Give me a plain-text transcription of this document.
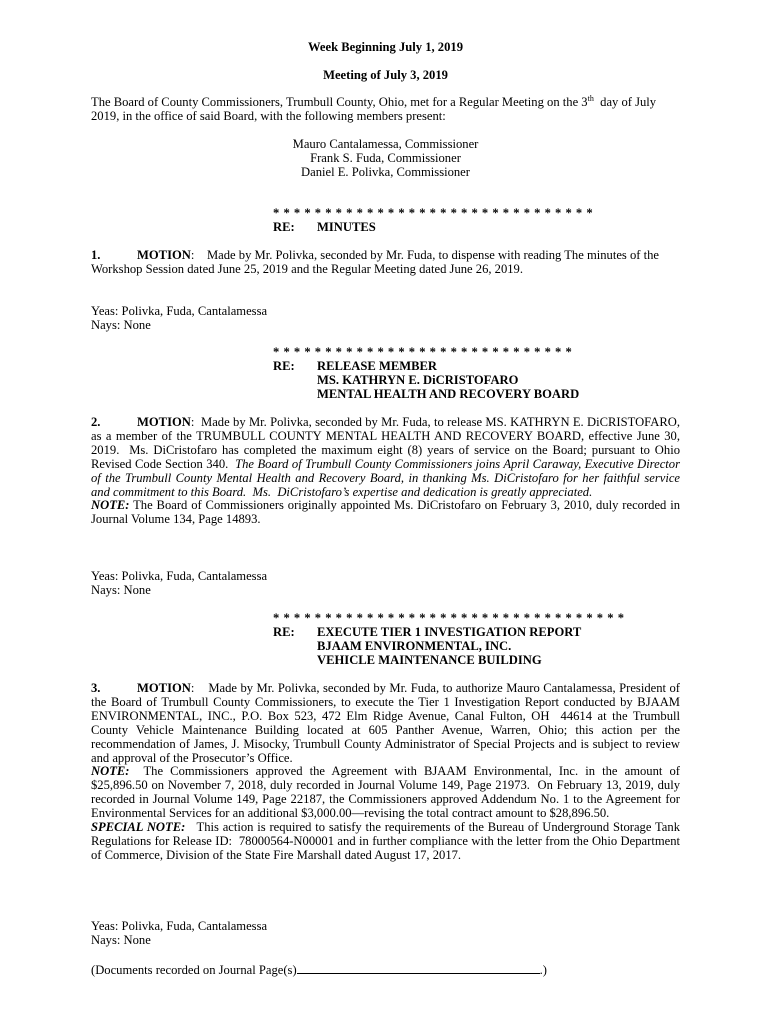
Week Beginning July 1, 2019
Meeting of July 3, 2019
The Board of County Commissioners, Trumbull County, Ohio, met for a Regular Meeting on the 3th  day of July 2019, in the office of said Board, with the following members present:
Mauro Cantalamessa, Commissioner
Frank S. Fuda, Commissioner
Daniel E. Polivka, Commissioner
* * * * * * * * * * * * * * * * * * * * * * * * * * * * * * *
RE: MINUTES
1.	MOTION:    Made by Mr. Polivka, seconded by Mr. Fuda, to dispense with reading The minutes of the Workshop Session dated June 25, 2019 and the Regular Meeting dated June 26, 2019.
Yeas: Polivka, Fuda, Cantalamessa
Nays: None
* * * * * * * * * * * * * * * * * * * * * * * * * * * * *
RE: RELEASE MEMBER
MS. KATHRYN E. DiCRISTOFARO
MENTAL HEALTH AND RECOVERY BOARD
2.	MOTION:  Made by Mr. Polivka, seconded by Mr. Fuda, to release MS. KATHRYN E. DiCRISTOFARO, as a member of the TRUMBULL COUNTY MENTAL HEALTH AND RECOVERY BOARD, effective June 30, 2019.  Ms. DiCristofaro has completed the maximum eight (8) years of service on the Board; pursuant to Ohio Revised Code Section 340.  The Board of Trumbull County Commissioners joins April Caraway, Executive Director of the Trumbull County Mental Health and Recovery Board, in thanking Ms. DiCristofaro for her faithful service and commitment to this Board.  Ms.  DiCristofaro’s expertise and dedication is greatly appreciated.
NOTE: The Board of Commissioners originally appointed Ms. DiCristofaro on February 3, 2010, duly recorded in Journal Volume 134, Page 14893.
Yeas: Polivka, Fuda, Cantalamessa
Nays: None
* * * * * * * * * * * * * * * * * * * * * * * * * * * * * * * * * *
RE: EXECUTE TIER 1 INVESTIGATION REPORT
BJAAM ENVIRONMENTAL, INC.
VEHICLE MAINTENANCE BUILDING
3.	MOTION:    Made by Mr. Polivka, seconded by Mr. Fuda, to authorize Mauro Cantalamessa, President of the Board of Trumbull County Commissioners, to execute the Tier 1 Investigation Report conducted by BJAAM ENVIRONMENTAL, INC., P.O. Box 523, 472 Elm Ridge Avenue, Canal Fulton, OH  44614 at the Trumbull County Vehicle Maintenance Building located at 605 Panther Avenue, Warren, Ohio; this action per the recommendation of James, J. Misocky, Trumbull County Administrator of Special Projects and is subject to review and approval of the Prosecutor’s Office.
NOTE:  The Commissioners approved the Agreement with BJAAM Environmental, Inc. in the amount of $25,896.50 on November 7, 2018, duly recorded in Journal Volume 149, Page 21973.  On February 13, 2019, duly recorded in Journal Volume 149, Page 22187, the Commissioners approved Addendum No. 1 to the Agreement for Environmental Services for an additional $3,000.00—revising the total contract amount to $28,896.50.
SPECIAL NOTE:   This action is required to satisfy the requirements of the Bureau of Underground Storage Tank Regulations for Release ID:  78000564-N00001 and in further compliance with the letter from the Ohio Department of Commerce, Division of the State Fire Marshall dated August 17, 2017.
Yeas: Polivka, Fuda, Cantalamessa
Nays: None
(Documents recorded on Journal Page(s)	.)
